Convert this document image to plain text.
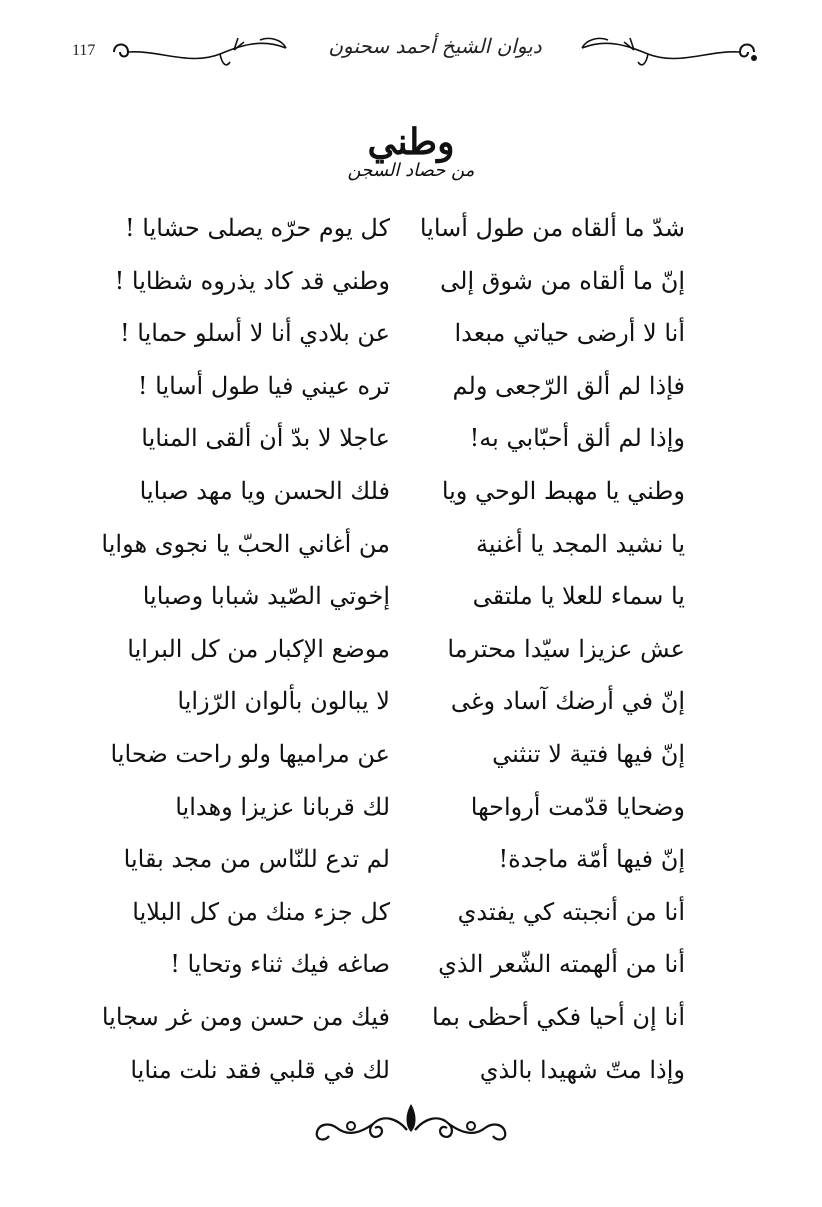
117	ديوان الشيخ أحمد سحنون
وطني
من حصاد السجن
شدّ ما ألقاه من طول أسايا
كل يوم حرّه يصلى حشايا !
إنّ ما ألقاه من شوق إلى
وطني قد كاد يذروه شظايا !
أنا لا أرضى حياتي مبعدا
عن بلادي أنا لا أسلو حمايا !
فإذا لم ألق الرّجعى ولم
تره عيني فيا طول أسايا !
وإذا لم ألق أحبّابي به!
عاجلا لا بدّ أن ألقى المنايا
وطني يا مهبط الوحي ويا
فلك الحسن ويا مهد صبايا
يا نشيد المجد يا أغنية
من أغاني الحبّ يا نجوى هوايا
يا سماء للعلا يا ملتقى
إخوتي الصّيد شبابا وصبايا
عش عزيزا سيّدا محترما
موضع الإكبار من كل البرايا
إنّ في أرضك آساد وغى
لا يبالون بألوان الرّزايا
إنّ فيها فتية لا تنثني
عن مراميها ولو راحت ضحايا
وضحايا قدّمت أرواحها
لك قربانا عزيزا وهدايا
إنّ فيها أمّة ماجدة!
لم تدع للنّاس من مجد بقايا
أنا من أنجبته كي يفتدي
كل جزء منك من كل البلايا
أنا من ألهمته الشّعر الذي
صاغه فيك ثناء وتحايا !
أنا إن أحيا فكي أحظى بما
فيك من حسن ومن غر سجايا
وإذا متّ شهيدا بالذي
لك في قلبي فقد نلت منايا
